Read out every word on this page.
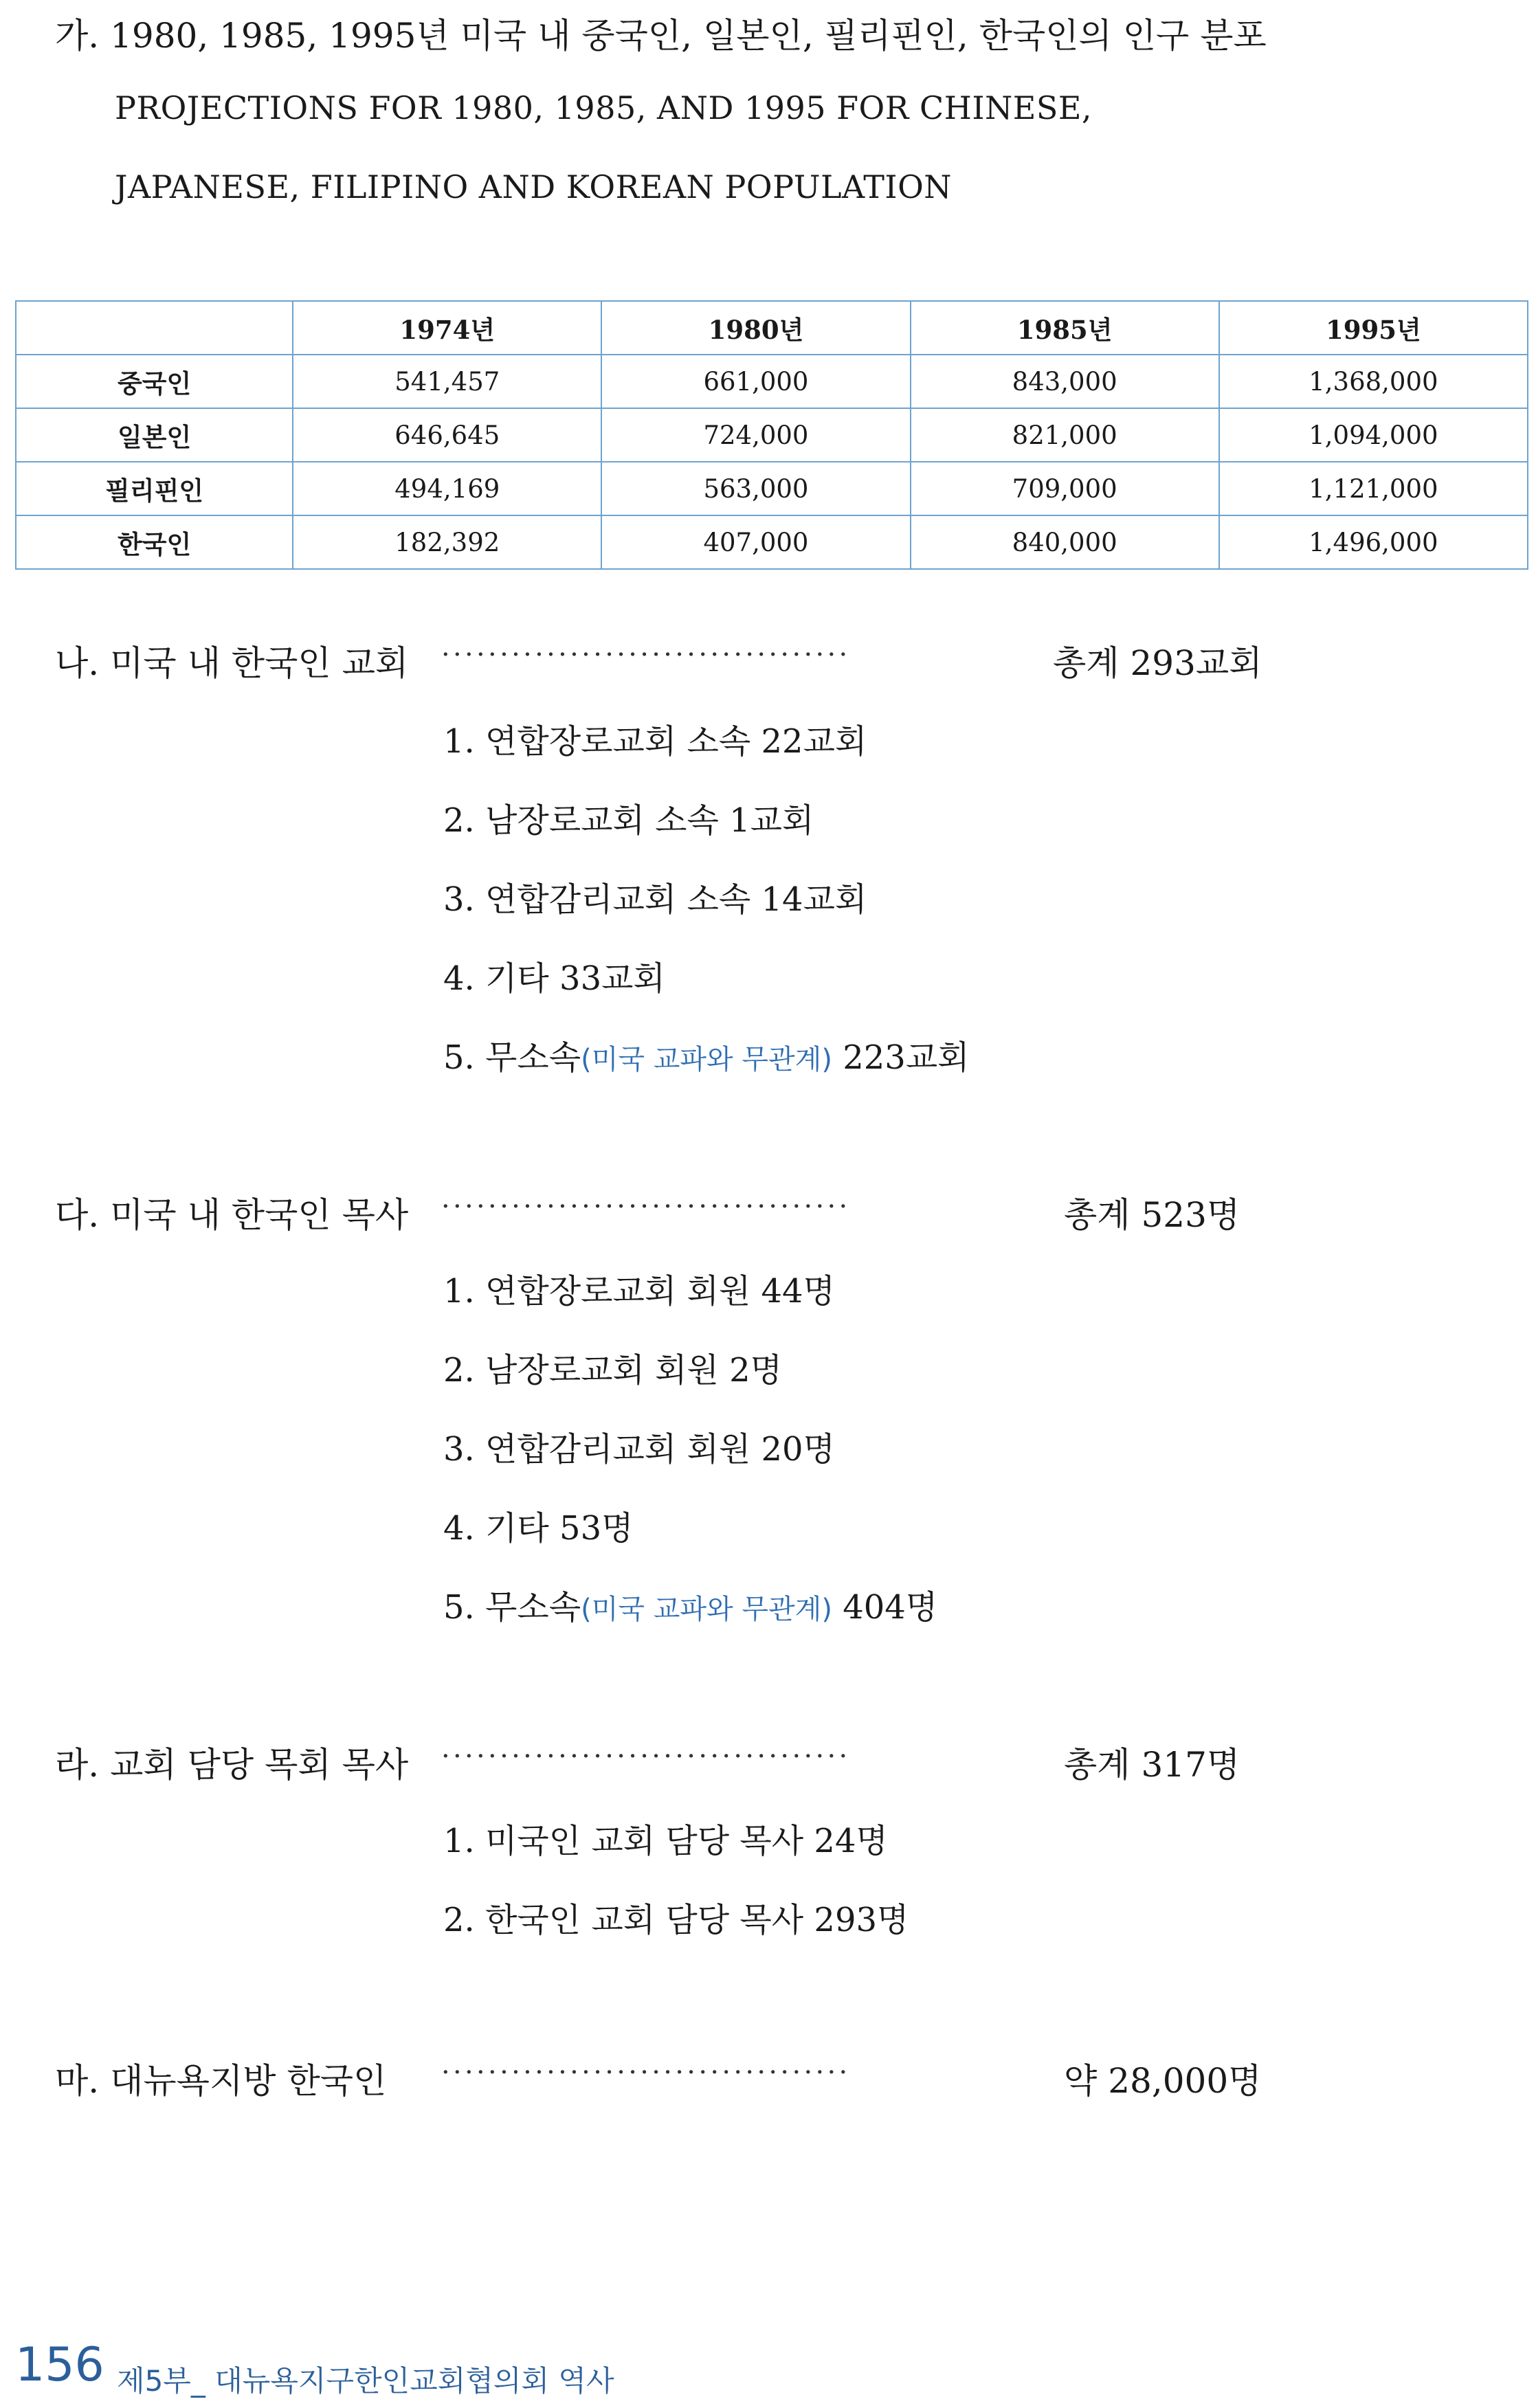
가. 1980, 1985, 1995년 미국 내 중국인, 일본인, 필리핀인, 한국인의 인구 분포
PROJECTIONS FOR 1980, 1985, AND 1995 FOR CHINESE,
JAPANESE, FILIPINO AND KOREAN POPULATION
	1974년	1980년	1985년	1995년
중국인	541,457	661,000	843,000	1,368,000
일본인	646,645	724,000	821,000	1,094,000
필리핀인	494,169	563,000	709,000	1,121,000
한국인	182,392	407,000	840,000	1,496,000
나. 미국 내 한국인 교회 ···································	총계 293교회
1. 연합장로교회 소속 22교회
2. 남장로교회 소속 1교회
3. 연합감리교회 소속 14교회
4. 기타 33교회
5. 무소속(미국 교파와 무관계) 223교회
다. 미국 내 한국인 목사 ···································	총계 523명
1. 연합장로교회 회원 44명
2. 남장로교회 회원 2명
3. 연합감리교회 회원 20명
4. 기타 53명
5. 무소속(미국 교파와 무관계) 404명
라. 교회 담당 목회 목사 ···································	총계 317명
1. 미국인 교회 담당 목사 24명
2. 한국인 교회 담당 목사 293명
마. 대뉴욕지방 한국인 ···································	약 28,000명
156 제5부_ 대뉴욕지구한인교회협의회 역사
